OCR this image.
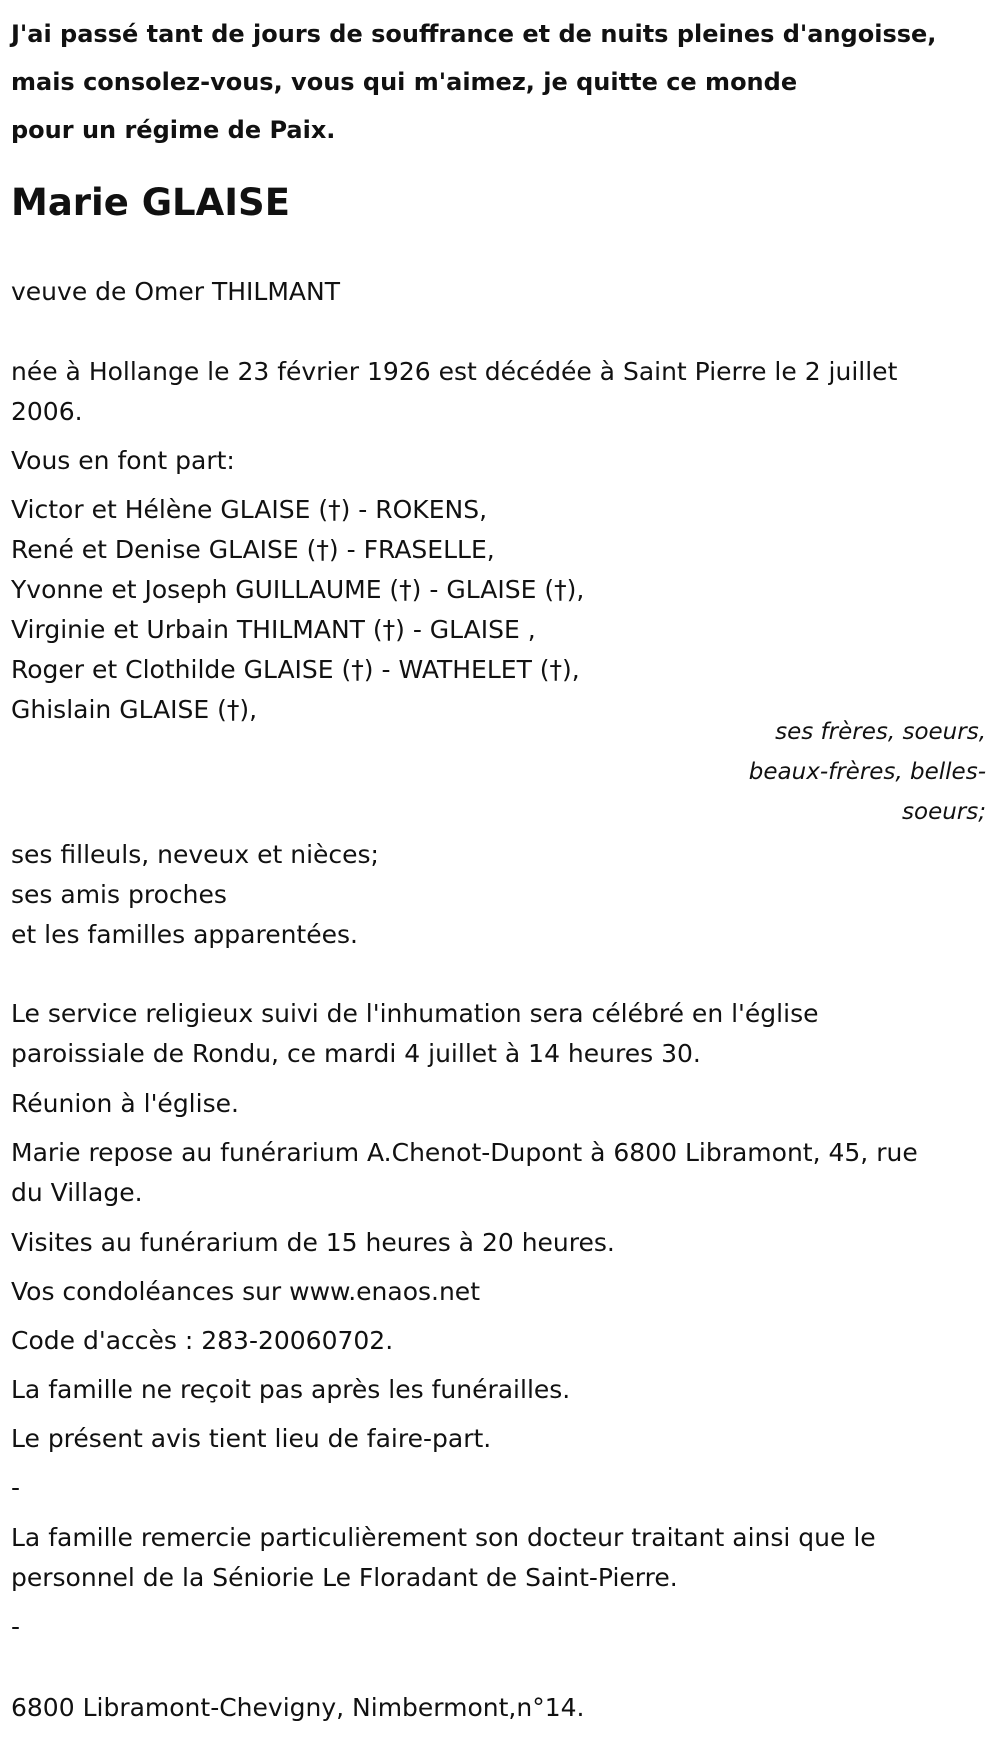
J'ai passé tant de jours de souffrance et de nuits pleines d'angoisse,
mais consolez-vous, vous qui m'aimez, je quitte ce monde
pour un régime de Paix.
Marie GLAISE
veuve de Omer THILMANT
née à Hollange le 23 février 1926 est décédée à Saint Pierre le 2 juillet
2006.
Vous en font part:
Victor et Hélène GLAISE (†) - ROKENS,
René et Denise GLAISE (†) - FRASELLE,
Yvonne et Joseph GUILLAUME (†) - GLAISE (†),
Virginie et Urbain THILMANT (†) - GLAISE ,
Roger et Clothilde GLAISE (†) - WATHELET (†),
Ghislain GLAISE (†),
ses frères, soeurs,
beaux-frères, belles-
soeurs;
ses filleuls, neveux et nièces;
ses amis proches
et les familles apparentées.
Le service religieux suivi de l'inhumation sera célébré en l'église
paroissiale de Rondu, ce mardi 4 juillet à 14 heures 30.
Réunion à l'église.
Marie repose au funérarium A.Chenot-Dupont à 6800 Libramont, 45, rue
du Village.
Visites au funérarium de 15 heures à 20 heures.
Vos condoléances sur www.enaos.net
Code d'accès : 283-20060702.
La famille ne reçoit pas après les funérailles.
Le présent avis tient lieu de faire-part.
-
La famille remercie particulièrement son docteur traitant ainsi que le
personnel de la Séniorie Le Floradant de Saint-Pierre.
-
6800 Libramont-Chevigny, Nimbermont,n°14.
